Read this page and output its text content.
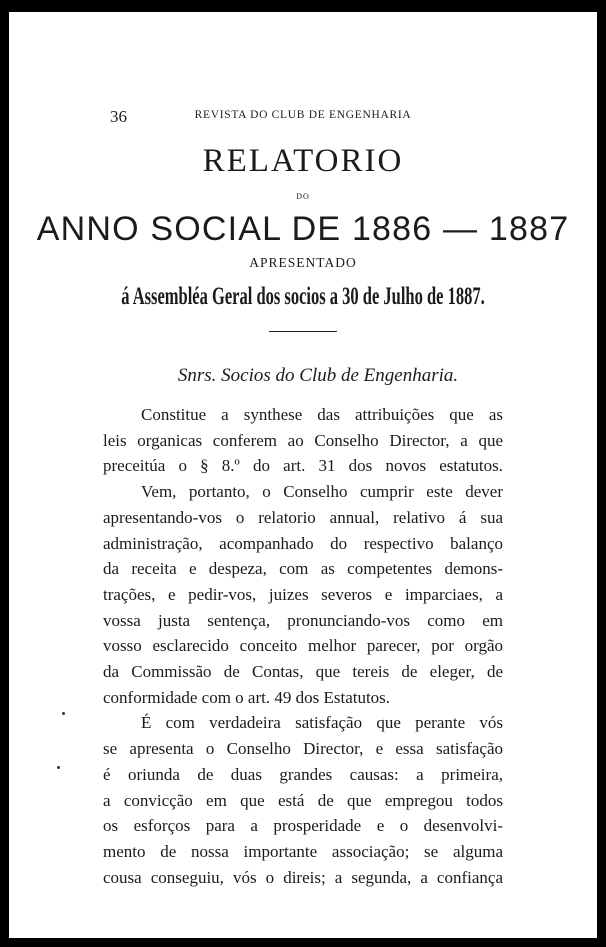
36	REVISTA DO CLUB DE ENGENHARIA
RELATORIO
DO
ANNO SOCIAL DE 1886 — 1887
APRESENTADO
á Assembléa Geral dos socios a 30 de Julho de 1887.
Snrs. Socios do Club de Engenharia.

Constitue a synthese das attribuições que as

leis organicas conferem ao Conselho Director, a que

preceitúa o § 8.º do art. 31 dos novos estatutos.

Vem, portanto, o Conselho cumprir este dever

apresentando-vos o relatorio annual, relativo á sua

administração, acompanhado do respectivo balanço

da receita e despeza, com as competentes demons-

trações, e pedir-vos, juizes severos e imparciaes, a

vossa justa sentença, pronunciando-vos como em

vosso esclarecido conceito melhor parecer, por orgão

da Commissão de Contas, que tereis de eleger, de

conformidade com o art. 49 dos Estatutos.

É com verdadeira satisfação que perante vós

se apresenta o Conselho Director, e essa satisfação

é oriunda de duas grandes causas: a primeira,

a convicção em que está de que empregou todos

os esforços para a prosperidade e o desenvolvi-

mento de nossa importante associação; se alguma

cousa conseguiu, vós o direis; a segunda, a confiança
